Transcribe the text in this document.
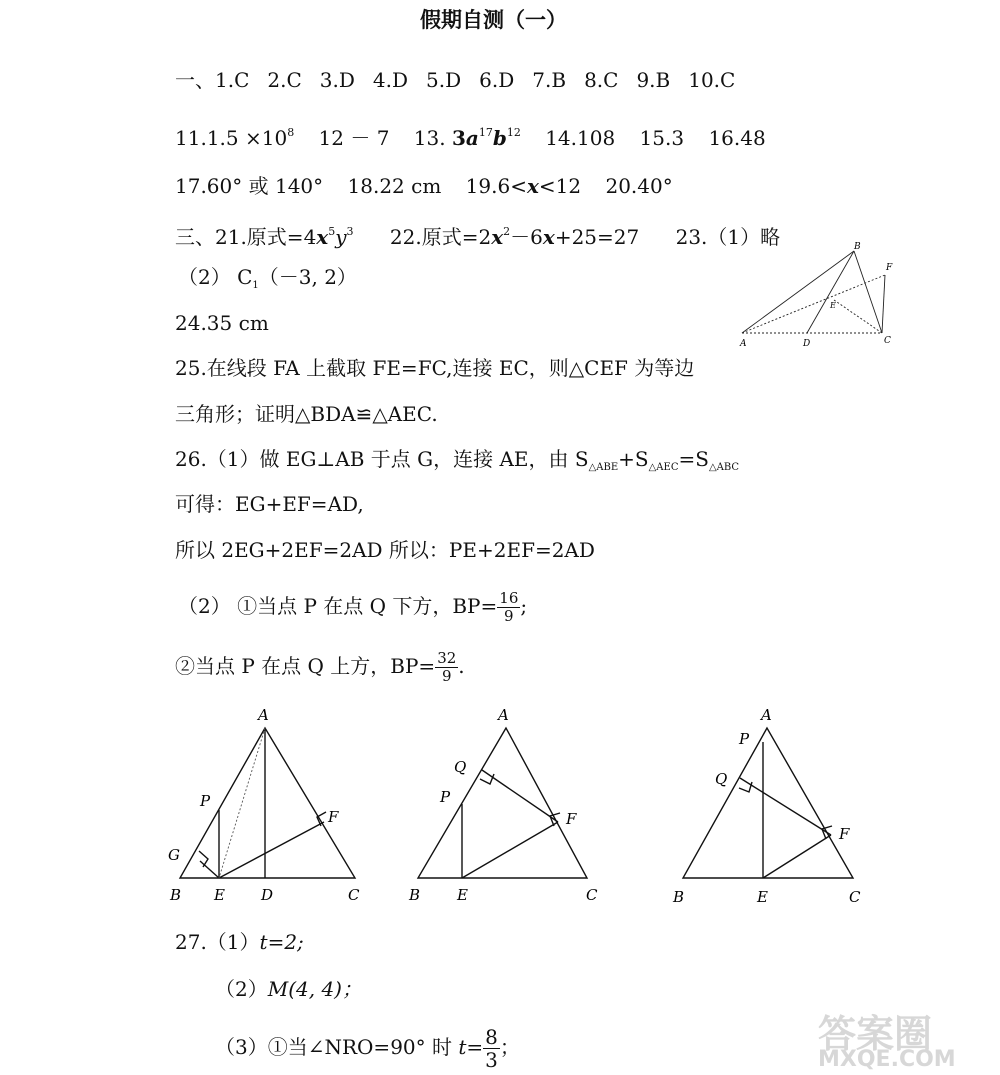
假期自测（一）
一、1.C 2.C 3.D 4.D 5.D 6.D 7.B 8.C 9.B 10.C
$11.1.5 \times 10^8$ 12 － 7 13. $3a^{17}b^{12}$ 14.108 15.3 16.48
17.60° 或 140° 18.22 cm 19.6<x<12 20.40°
三、21.原式$=4x^5y^3$ 22.原式$=2x^2-6x+25=27$ 23.（1）略
（2） $C_1(-3$, 2）
24.35 cm
25.在线段 FA 上截取 FE=FC,连接 EC，则△CEF 为等边
三角形；证明△BDA≌△AEC.
26.（1）做 EG⊥AB 于点 G，连接 AE，由 $S_{\triangle ABE}+S_{\triangle AEC}=S_{\triangle ABC}$
可得：EG+EF=AD,
所以 2EG+2EF=2AD 所以：PE+2EF=2AD
（2） ①当点 P 在点 Q 下方，$BP= \frac{16}{9}$ ;
②当点 P 在点 Q 上方，$BP= \frac{32}{9}$ .
27.（1）t=2;
（2）M(4, 4)；
（3）①当∠NRO=90° 时 $t= \frac{8}{3}$ ；
B
F
E
A	D	C
A
P
F
G
B E D	C
A
Q
P
F
B E	C
A
P
Q
F
B	E	C
答案圈
MXQE.COM
